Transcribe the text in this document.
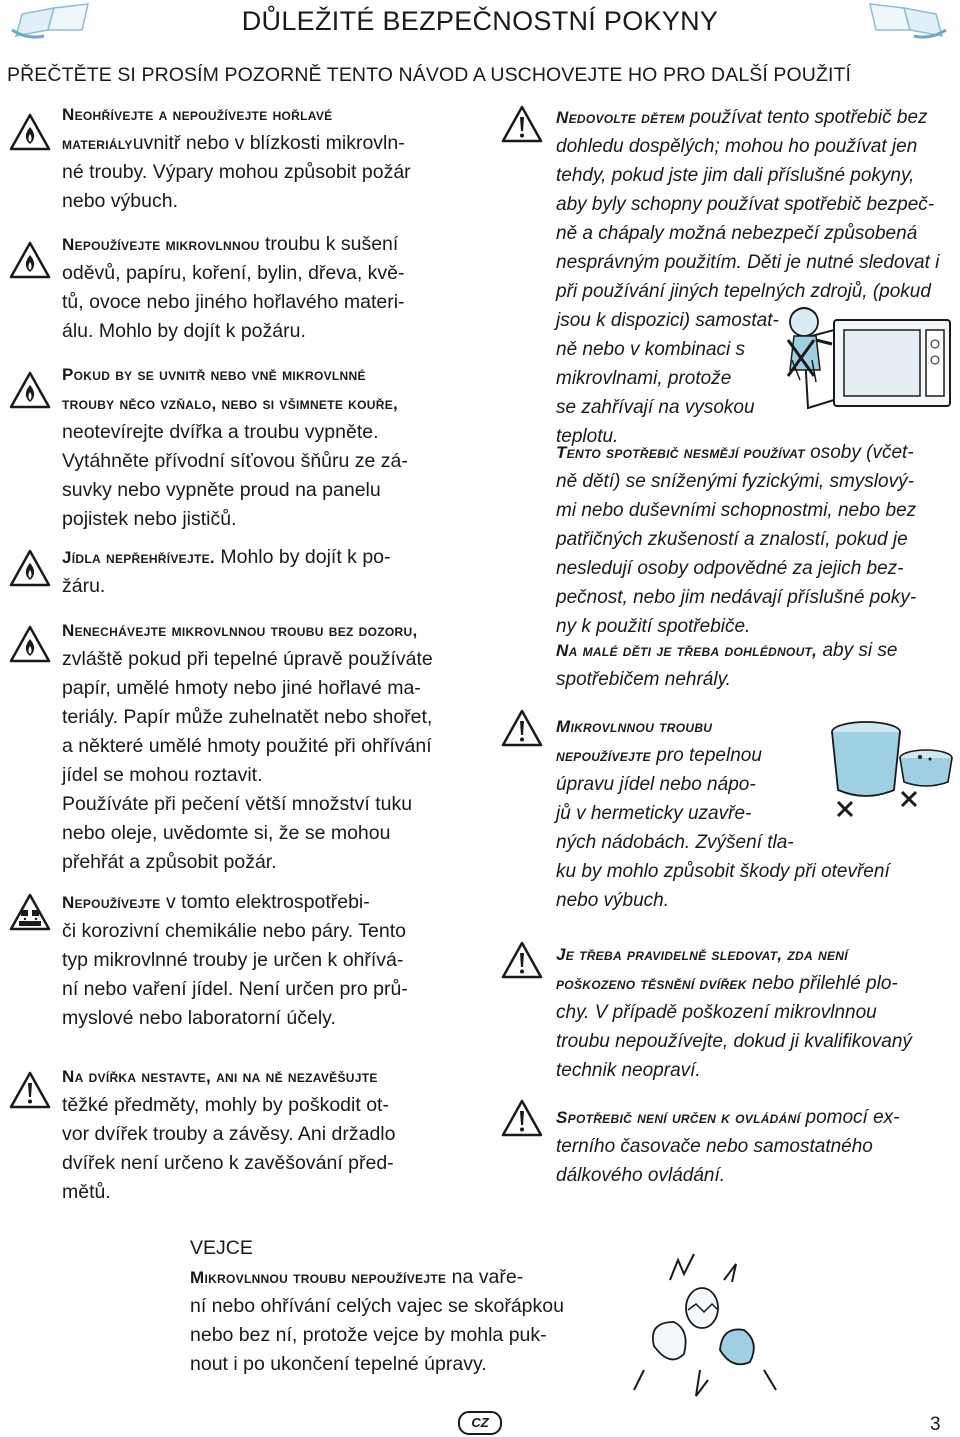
DŮLEŽITÉ BEZPEČNOSTNÍ POKYNY
PŘEČTĚTE SI PROSÍM POZORNĚ TENTO NÁVOD A USCHOVEJTE HO PRO DALŠÍ POUŽITÍ
Neohřívejte a nepoužívejte hořlavé
materiályuvnitř nebo v blízkosti mikrovln-
né trouby. Výpary mohou způsobit požár
nebo výbuch.
Nepoužívejte mikrovlnnou troubu k sušení
oděvů, papíru, koření, bylin, dřeva, kvě-
tů, ovoce nebo jiného hořlavého materi-
álu. Mohlo by dojít k požáru.
Pokud by se uvnitř nebo vně mikrovlnné
trouby něco vzňalo, nebo si všimnete kouře,
neotevírejte dvířka a troubu vypněte.
Vytáhněte přívodní síťovou šňůru ze zá-
suvky nebo vypněte proud na panelu
pojistek nebo jističů.
Jídla nepřehřívejte. Mohlo by dojít k po-
žáru.
Nenechávejte mikrovlnnou troubu bez dozoru,
zvláště pokud při tepelné úpravě používáte
papír, umělé hmoty nebo jiné hořlavé ma-
teriály. Papír může zuhelnatět nebo shořet,
a některé umělé hmoty použité při ohřívání
jídel se mohou roztavit.
Používáte při pečení větší množství tuku
nebo oleje, uvědomte si, že se mohou
přehřát a způsobit požár.
Nepoužívejte v tomto elektrospotřebi-
či korozivní chemikálie nebo páry. Tento
typ mikrovlnné trouby je určen k ohřívá-
ní nebo vaření jídel. Není určen pro prů-
myslové nebo laboratorní účely.
Na dvířka nestavte, ani na ně nezavěšujte
těžké předměty, mohly by poškodit ot-
vor dvířek trouby a závěsy. Ani držadlo
dvířek není určeno k zavěšování před-
mětů.
Nedovolte dětem používat tento spotřebič bez
dohledu dospělých; mohou ho používat jen
tehdy, pokud jste jim dali příslušné pokyny,
aby byly schopny používat spotřebič bezpeč-
ně a chápaly možná nebezpečí způsobená
nesprávným použitím. Děti je nutné sledovat i
při používání jiných tepelných zdrojů, (pokud
jsou k dispozici) samostat-
ně nebo v kombinaci s
mikrovlnami, protože
se zahřívají na vysokou
teplotu.
Tento spotřebič nesmějí používat osoby (včet-
ně dětí) se sníženými fyzickými, smyslový-
mi nebo duševními schopnostmi, nebo bez
patřičných zkušeností a znalostí, pokud je
nesledují osoby odpovědné za jejich bez-
pečnost, nebo jim nedávají příslušné poky-
ny k použití spotřebiče.
Na malé děti je třeba dohlédnout, aby si se
spotřebičem nehrály.
Mikrovlnnou troubu
nepoužívejte pro tepelnou
úpravu jídel nebo nápo-
jů v hermeticky uzavře-
ných nádobách. Zvýšení tla-
ku by mohlo způsobit škody při otevření
nebo výbuch.
Je třeba pravidelně sledovat, zda není
poškozeno těsnění dvířek nebo přilehlé plo-
chy. V případě poškození mikrovlnnou
troubu nepoužívejte, dokud ji kvalifikovaný
technik neopraví.
Spotřebič není určen k ovládání pomocí ex-
terního časovače nebo samostatného
dálkového ovládání.
VEJCE
Mikrovlnnou troubu nepoužívejte na vaře-
ní nebo ohřívání celých vajec se skořápkou
nebo bez ní, protože vejce by mohla puk-
nout i po ukončení tepelné úpravy.
CZ	3
